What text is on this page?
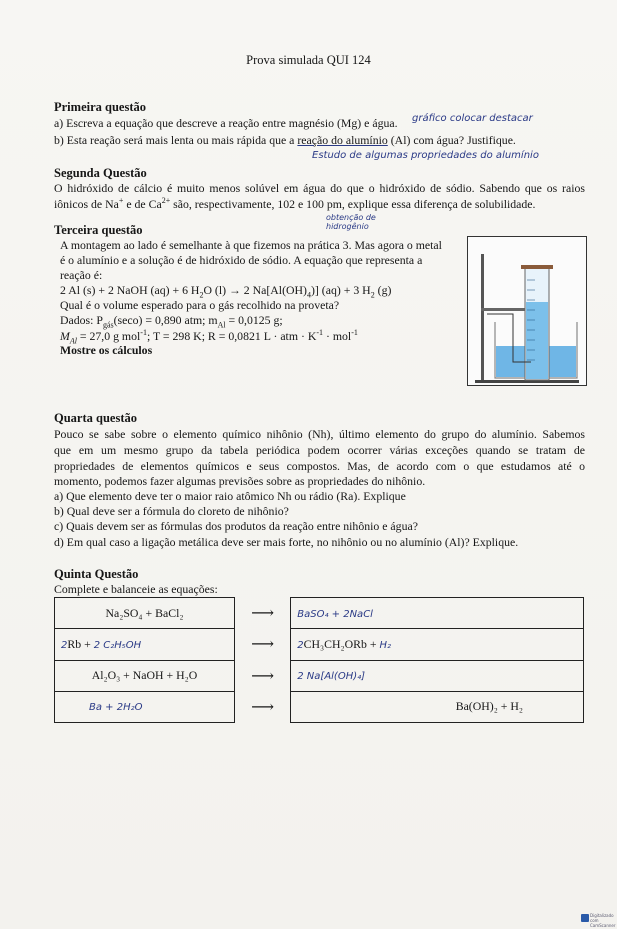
Prova simulada QUI 124
Primeira questão
a) Escreva a equação que descreve a reação entre magnésio (Mg) e água. gráfico colocar destacar
b) Esta reação será mais lenta ou mais rápida que a reação do alumínio (Al) com água? Justifique.
Estudo de algumas propriedades do alumínio
Segunda Questão
O hidróxido de cálcio é muito menos solúvel em água do que o hidróxido de sódio. Sabendo que os raios
iônicos de Na+ e de $Ca^{2+}$ são, respectivamente, 102 e 100 pm, explique essa diferença de solubilidade.
obtenção de
hidrogênio
Terceira questão
A montagem ao lado é semelhante à que fizemos na prática 3. Mas agora o metal
é o alumínio e a solução é de hidróxido de sódio. A equação que representa a
reação é:
2 Al (s) + 2 NaOH (aq) + 6 $H_2O$ (l) → 2 $Na[Al(OH)_4)] (aq) + 3$ $H_2$ (g)
Qual é o volume esperado para o gás recolhido na proveta?
Dados: $P_{gás}(\sec o) = 0,890$ atm; $m_{Al} = 0,0125$ g;
$M_{Al} = 27,0$ g mol$^{-1}$; T = 298 K; R = 0,0821 L · atm · $K^{-1} \cdot mol^{-1}$
Mostre os cálculos
Quarta questão
Pouco se sabe sobre o elemento químico nihônio (Nh), último elemento do grupo do alumínio. Sabemos
que em um mesmo grupo da tabela periódica podem ocorrer várias exceções quando se tratam de
propriedades de elementos químicos e seus compostos. Mas, de acordo com o que estudamos até o
momento, podemos fazer algumas previsões sobre as propriedades do nihônio.
a) Que elemento deve ter o maior raio atômico Nh ou rádio (Ra). Explique
b) Qual deve ser a fórmula do cloreto de nihônio?
c) Quais devem ser as fórmulas dos produtos da reação entre nihônio e água?
d) Em qual caso a ligação metálica deve ser mais forte, no nihônio ou no alumínio (Al)? Explique.
Quinta Questão
Complete e balanceie as equações:
Na₂SO₄ + BaCl₂	⟶	BaSO₄ + 2NaCl
2Rb + 2 C₂H₅OH	⟶	2CH₃CH₂ORb + H₂
Al₂O₃ + NaOH + H₂O	⟶	2 Na[Al(OH)₄]
Ba + 2H₂O	⟶	Ba(OH)₂ + H₂
Digitalizado com CamScanner
